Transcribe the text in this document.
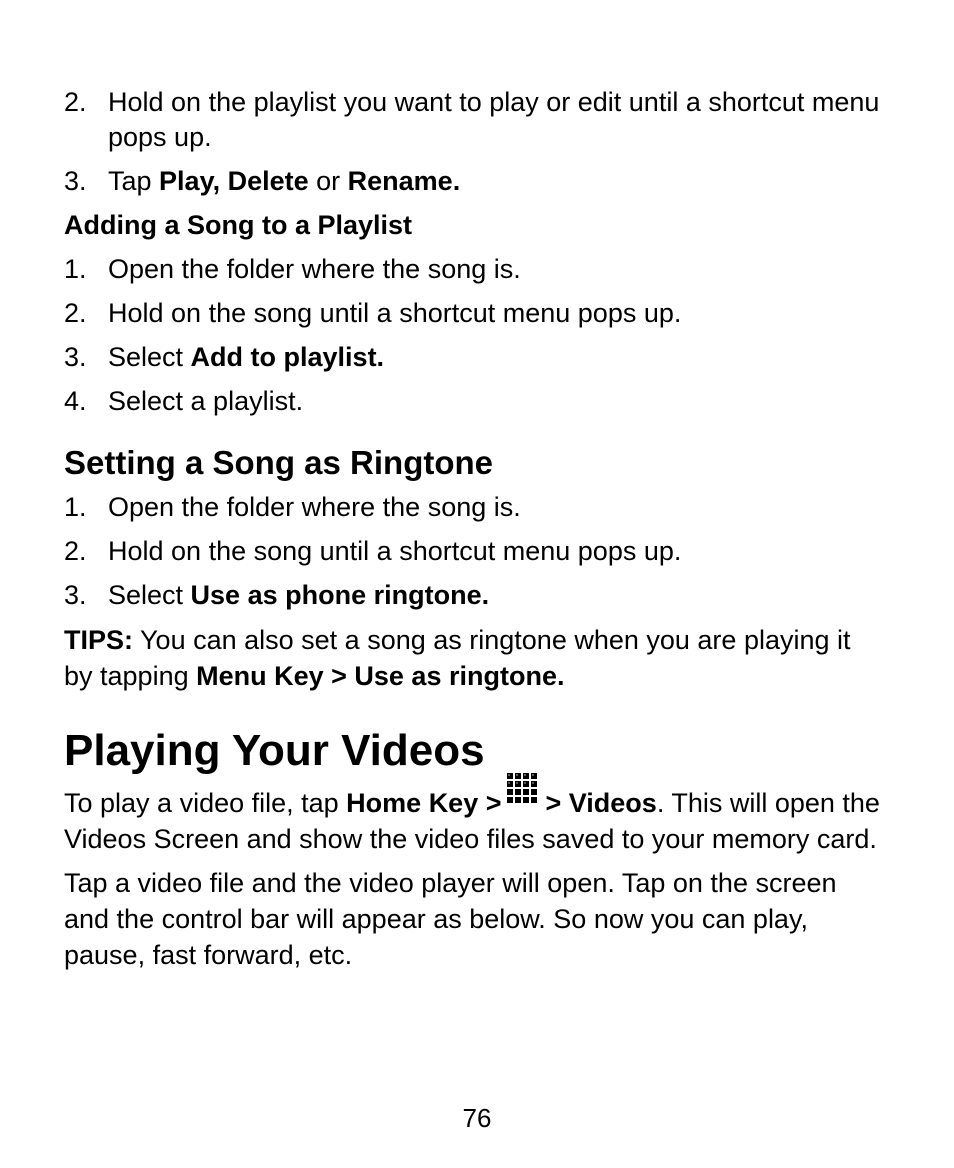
2. Hold on the playlist you want to play or edit until a shortcut menu pops up.
3. Tap Play, Delete or Rename.
Adding a Song to a Playlist
1. Open the folder where the song is.
2. Hold on the song until a shortcut menu pops up.
3. Select Add to playlist.
4. Select a playlist.
Setting a Song as Ringtone
1. Open the folder where the song is.
2. Hold on the song until a shortcut menu pops up.
3. Select Use as phone ringtone.
TIPS: You can also set a song as ringtone when you are playing it by tapping Menu Key > Use as ringtone.
Playing Your Videos
To play a video file, tap Home Key > > Videos. This will open the Videos Screen and show the video files saved to your memory card.
Tap a video file and the video player will open. Tap on the screen and the control bar will appear as below. So now you can play, pause, fast forward, etc.
76
